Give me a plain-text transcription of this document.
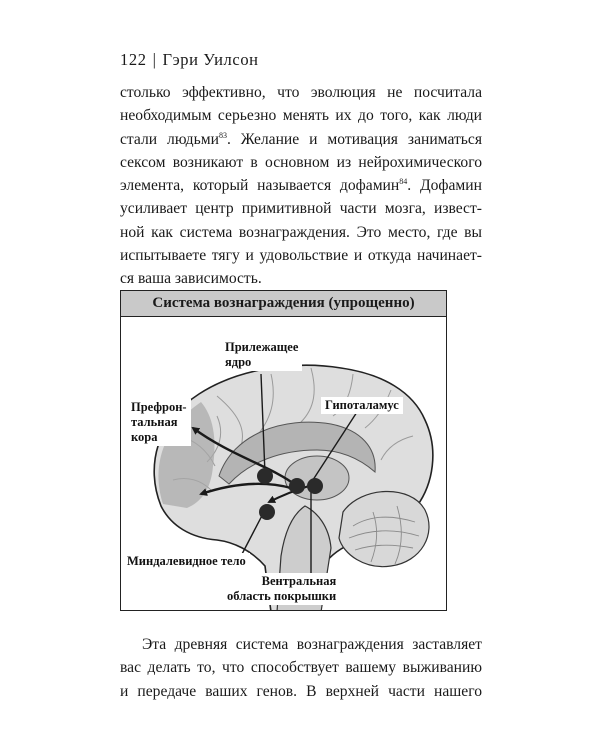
122 | Гэри Уилсон
столько эффективно, что эволюция не посчитала
необходимым серьезно менять их до того, как люди
стали людьми$^{83}$. Желание и мотивация заниматься
сексом возникают в основном из нейрохимического
элемента, который называется дофамин$^{84}$. Дофамин
усиливает центр примитивной части мозга, извест-
ной как система вознаграждения. Это место, где вы
испытываете тягу и удовольствие и откуда начинает-
ся ваша зависимость.
Система вознаграждения (упрощенно)
Прилежащее
ядро
Префрон-
тальная
кора
Гипоталамус
Миндалевидное тело
Вентральная
область покрышки
Эта древняя система вознаграждения заставляет
вас делать то, что способствует вашему выживанию
и передаче ваших генов. В верхней части нашего
